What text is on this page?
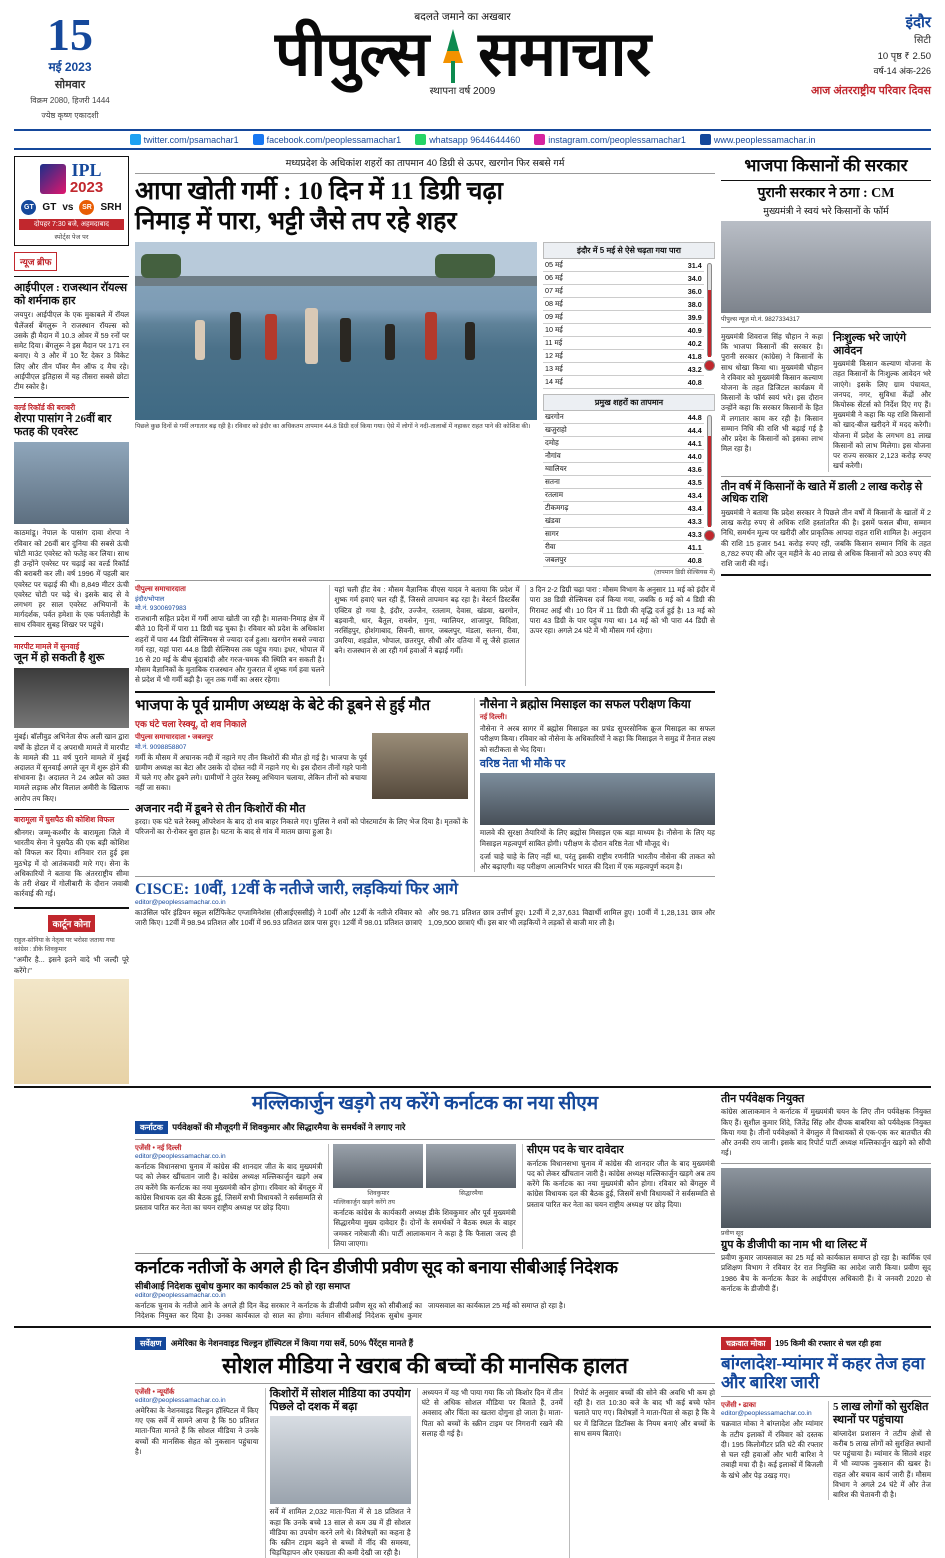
15
मई 2023
सोमवार
विक्रम 2080, हिजरी 1444
ज्येष्ठ कृष्ण एकादशी
बदलते जमाने का अखबार
पीपुल्स समाचार
स्थापना वर्ष 2009
इंदौर
सिटी
10 पृष्ठ ₹ 2.50
वर्ष-14 अंक-226
आज अंतरराष्ट्रीय परिवार दिवस
twitter.com/psamachar1	facebook.com/peoplessamachar1	whatsapp 9644644460	instagram.com/peoplessamachar1	www.peoplessamachar.in
IPL
2023
GT GT vs	SR SRH
दोपहर 7:30 बजे, अहमदाबाद
स्पोर्ट्स पेज पर
न्यूज ब्रीफ
आईपीएल : राजस्थान रॉयल्स को शर्मनाक हार
जयपुर। आईपीएल के एक मुकाबले में रॉयल चैलेंजर्स बेंगलुरू ने राजस्थान रॉयल्स को उसके ही मैदान में 10.3 ओवर में 59 रनों पर समेट दिया। बेंगलुरू ने इस मैदान पर 171 रन बनाए। ये 3 और में 10 रैंट देकर 3 विकेट लिए और तीन पॉवर मैन ऑफ द मैच रहे। आईपीएल इतिहास में यह तीसरा सबसे छोटा टीम स्कोर है।
वर्ल्ड रिकॉर्ड की बराबरी
शेरपा पासांग ने 26वीं बार फतह की एवरेस्ट
काठमांडू। नेपाल के पासांग दावा शेरपा ने रविवार को 26वीं बार दुनिया की सबसे ऊंची चोटी माउंट एवरेस्ट को फतेह कर लिया। साथ ही उन्होंने एवरेस्ट पर चढ़ाई का वर्ल्ड रिकॉर्ड की बराबरी कर ली। वर्ष 1996 में पहली बार एवरेस्ट पर चढ़ाई की थी। 8,849 मीटर ऊंची एवरेस्ट चोटी पर चढ़े थे। इसके बाद से वे लगभग हर साल एवरेस्ट अभियानों के मार्गदर्शक, पर्वत हमेशा के एक पर्वतारोही के साथ रविवार सुबह शिखर पर पहुंचे।
मारपीट मामले में सुनवाई
जून में हो सकती है शुरू
मुंबई। बॉलीवुड अभिनेता सैफ अली खान द्वारा वर्षों के होटल में द अपराधी मामले में मारपीट के मामले की 11 वर्ष पुराने मामले में मुंबई अदालत में सुनवाई अगले जून में शुरू होने की संभावना है। अदालत ने 24 अप्रैल को उक्त मामले लड़ाक और विलाल अमीरी के खिलाफ आरोप तय किए।
बारामूला में घुसपैठ की कोशिश विफल
श्रीनगर। जम्मू-कश्मीर के बारामूला जिले में भारतीय सेना ने घुसपैठ की एक बड़ी कोशिश को विफल कर दिया। शनिवार रात हुई इस मुठभेड़ में दो आतंकवादी मारे गए। सेना के अधिकारियों ने बताया कि अंतरराष्ट्रीय सीमा के तरी शेखर में गोलीबारी के दौरान जवाबी कार्रवाई की गई।
कार्टून कोना
राहुल-सोनिया के नेतृत्व पर भरोसा जताया गया कांग्रेस : डीके शिवकुमार
"अमीर है... इसने इतने वादे भी जल्दी पूरे करेंगे।"
मध्यप्रदेश के अधिकांश शहरों का तापमान 40 डिग्री से ऊपर, खरगोन फिर सबसे गर्म
आपा खोती गर्मी : 10 दिन में 11 डिग्री चढ़ा
निमाड़ में पारा, भट्टी जैसे तप रहे शहर
पिछले कुछ दिनों से गर्मी लगातार बढ़ रही है। रविवार को इंदौर का अधिकतम तापमान 44.8 डिग्री दर्ज किया गया। ऐसे में लोगों ने नदी-तालाबों में नहाकर राहत पाने की कोशिश की।
इंदौर में 5 मई से ऐसे चढ़ता गया पारा
05 मई	31.4
06 मई	34.0
07 मई	36.0
08 मई	38.0
09 मई	39.9
10 मई	40.9
11 मई	40.2
12 मई	41.8
13 मई	43.2
14 मई	40.8
प्रमुख शहरों का तापमान
खरगोन	44.8
खजुराहो	44.4
दमोह	44.1
नौगांव	44.0
ग्वालियर	43.6
सतना	43.5
रतलाम	43.4
टीकमगढ़	43.4
खंडवा	43.3
सागर	43.3
रीवा	41.1
जबलपुर	40.8
(तापमान डिग्री सेल्सियस में)
पीपुल्स समाचारदाता
इंदौर/भोपाल
मो.नं. 9300697983
राजधानी सहित प्रदेश में गर्मी आपा खोती जा रही है। मालवा-निमाड़ क्षेत्र में बीते 10 दिनों में पारा 11 डिग्री चढ़ चुका है। रविवार को प्रदेश के अधिकांश शहरों में पारा 44 डिग्री सेल्सियस से ज्यादा दर्ज हुआ। खरगोन सबसे ज्यादा गर्म रहा, यहां पारा 44.8 डिग्री सेल्सियस तक पहुंच गया। इधर, भोपाल में 16 से 20 मई के बीच बूंदाबांदी और गरज-चमक की स्थिति बन सकती है। मौसम वैज्ञानिकों के मुताबिक राजस्थान और गुजरात में शुष्क गर्म हवा चलने से प्रदेश में भी गर्मी बढ़ी है। जून तक गर्मी का असर रहेगा।
यहां चली हीट वेव : मौसम वैज्ञानिक वीएस यादव ने बताया कि प्रदेश में शुष्क गर्म हवाएं चल रही हैं, जिससे तापमान बढ़ रहा है। वेस्टर्न डिस्टर्बेंस एक्टिव हो गया है, इंदौर, उज्जैन, रतलाम, देवास, खंडवा, खरगोन, बड़वानी, धार, बैतूल, रायसेन, गुना, ग्वालियर, शाजापुर, विदिशा, नरसिंहपुर, होशंगाबाद, सिवनी, सागर, जबलपुर, मंडला, सतना, रीवा, उमरिया, शहडोल, भोपाल, छतरपुर, सीधी और दतिया में लू जैसे हालात बने। राजस्थान से आ रही गर्म हवाओं ने बढ़ाई गर्मी।
3 दिन 2-2 डिग्री चढ़ा पारा : मौसम विभाग के अनुसार 11 मई को इंदौर में पारा 38 डिग्री सेल्सियस दर्ज किया गया, जबकि 6 मई को 4 डिग्री की गिरावट आई थी। 10 दिन में 11 डिग्री की वृद्धि दर्ज हुई है। 13 मई को पारा 43 डिग्री के पार पहुंच गया था। 14 मई को भी पारा 44 डिग्री से ऊपर रहा। अगले 24 घंटे में भी मौसम गर्म रहेगा।
भाजपा के पूर्व ग्रामीण अध्यक्ष के बेटे की डूबने से हुई मौत
एक घंटे चला रेस्क्यू, दो शव निकाले
पीपुल्स समाचारदाता • जबलपुर
मो.नं. 9098858807
गर्मी के मौसम में अचानक नदी में नहाने गए तीन किशोरों की मौत हो गई है। भाजपा के पूर्व ग्रामीण अध्यक्ष का बेटा और उसके दो दोस्त नदी में नहाने गए थे। इस दौरान तीनों गहरे पानी में चले गए और डूबने लगे। ग्रामीणों ने तुरंत रेस्क्यू अभियान चलाया, लेकिन तीनों को बचाया नहीं जा सका।
अजनार नदी में डूबने से तीन किशोरों की मौत
हरदा। एक घंटे चले रेस्क्यू ऑपरेशन के बाद दो शव बाहर निकाले गए। पुलिस ने शवों को पोस्टमार्टम के लिए भेज दिया है। मृतकों के परिजनों का रो-रोकर बुरा हाल है। घटना के बाद से गांव में मातम छाया हुआ है।
नौसेना ने ब्रह्मोस मिसाइल का सफल परीक्षण किया
नई दिल्ली।
नौसेना ने अरब सागर में ब्रह्मोस मिसाइल का प्रचंड सुपरसोनिक क्रूज मिसाइल का सफल परीक्षण किया। रविवार को नौसेना के अधिकारियों ने कहा कि मिसाइल ने समुद्र में तैनात लक्ष्य को सटीकता से भेद दिया।
वरिष्ठ नेता भी मौके पर
मालवे की सुरक्षा तैयारियों के लिए ब्रह्मोस मिसाइल एक बड़ा माध्यम है। नौसेना के लिए यह मिसाइल महत्वपूर्ण साबित होगी। परीक्षण के दौरान वरिष्ठ नेता भी मौजूद थे।
दर्जा चाहे चाहे के लिए नहीं था, परंतु इसकी राष्ट्रीय रणनीति भारतीय नौसेना की ताकत को और बढ़ाएगी। यह परीक्षण आत्मनिर्भर भारत की दिशा में एक महत्वपूर्ण कदम है।
CISCE: 10वीं, 12वीं के नतीजे जारी, लड़कियां फिर आगे
editor@peoplessamachar.co.in
काउंसिल फॉर इंडियन स्कूल सर्टिफिकेट एग्जामिनेशंस (सीआईएससीई) ने 10वीं और 12वीं के नतीजे रविवार को जारी किए। 12वीं में 98.94 प्रतिशत और 10वीं में 96.93 प्रतिशत छात्र पास हुए। 12वीं में 98.01 प्रतिशत छात्राएं और 98.71 प्रतिशत छात्र उत्तीर्ण हुए। 12वीं में 2,37,631 विद्यार्थी शामिल हुए। 10वीं में 1,28,131 छात्र और 1,09,500 छात्राएं थीं। इस बार भी लड़कियों ने लड़कों से बाजी मार ली है।
भाजपा किसानों की सरकार
पुरानी सरकार ने ठगा : CM
मुख्यमंत्री ने स्वयं भरे किसानों के फॉर्म
पीपुल्स न्यूज़ मो.नं. 9827334317
मुख्यमंत्री शिवराज सिंह चौहान ने कहा कि भाजपा किसानों की सरकार है। पुरानी सरकार (कांग्रेस) ने किसानों के साथ धोखा किया था। मुख्यमंत्री चौहान ने रविवार को मुख्यमंत्री किसान कल्याण योजना के तहत डिजिटल कार्यक्रम में किसानों के फॉर्म स्वयं भरे। इस दौरान उन्होंने कहा कि सरकार किसानों के हित में लगातार काम कर रही है। किसान सम्मान निधि की राशि भी बढ़ाई गई है और प्रदेश के किसानों को इसका लाभ मिल रहा है।
निःशुल्क भरे जाएंगे आवेदन
मुख्यमंत्री किसान कल्याण योजना के तहत किसानों के निःशुल्क आवेदन भरे जाएंगे। इसके लिए ग्राम पंचायत, जनपद, नगर, सुविधा केंद्रों और कियोस्क सेंटर्स को निर्देश दिए गए हैं। मुख्यमंत्री ने कहा कि यह राशि किसानों को खाद-बीज खरीदने में मदद करेगी। योजना में प्रदेश के लगभग 81 लाख किसानों को लाभ मिलेगा। इस योजना पर राज्य सरकार 2,123 करोड़ रुपए खर्च करेगी।
तीन वर्ष में किसानों के खाते में डाली 2 लाख करोड़ से अधिक राशि
मुख्यमंत्री ने बताया कि प्रदेश सरकार ने पिछले तीन वर्षों में किसानों के खातों में 2 लाख करोड़ रुपए से अधिक राशि हस्तांतरित की है। इसमें फसल बीमा, सम्मान निधि, समर्थन मूल्य पर खरीदी और प्राकृतिक आपदा राहत राशि शामिल है। अनुदान की राशि 15 हजार 541 करोड़ रुपए रही, जबकि किसान सम्मान निधि के तहत 8,782 रुपए की और जून महीने के 40 लाख से अधिक किसानों को 303 रुपए की राशि जारी की गई।
मल्लिकार्जुन खड़गे तय करेंगे कर्नाटक का नया सीएम
कर्नाटक पर्यवेक्षकों की मौजूदगी में शिवकुमार और सिद्धारमैया के समर्थकों ने लगाए नारे
एजेंसी • नई दिल्ली
editor@peoplessamachar.co.in
कर्नाटक विधानसभा चुनाव में कांग्रेस की शानदार जीत के बाद मुख्यमंत्री पद को लेकर खींचतान जारी है। कांग्रेस अध्यक्ष मल्लिकार्जुन खड़गे अब तय करेंगे कि कर्नाटक का नया मुख्यमंत्री कौन होगा। रविवार को बेंगलुरु में कांग्रेस विधायक दल की बैठक हुई, जिसमें सभी विधायकों ने सर्वसम्मति से प्रस्ताव पारित कर नेता का चयन राष्ट्रीय अध्यक्ष पर छोड़ दिया।
शिवकुमार	सिद्धारमैया
मल्लिकार्जुन खड़गे करेंगे तय
कर्नाटक कांग्रेस के कार्यकारी अध्यक्ष डीके शिवकुमार और पूर्व मुख्यमंत्री सिद्धारमैया मुख्य दावेदार हैं। दोनों के समर्थकों ने बैठक स्थल के बाहर जमकर नारेबाजी की। पार्टी आलाकमान ने कहा है कि फैसला जल्द ही लिया जाएगा।
सीएम पद के चार दावेदार
कर्नाटक विधानसभा चुनाव में कांग्रेस की शानदार जीत के बाद मुख्यमंत्री पद को लेकर खींचतान जारी है। कांग्रेस अध्यक्ष मल्लिकार्जुन खड़गे अब तय करेंगे कि कर्नाटक का नया मुख्यमंत्री कौन होगा। रविवार को बेंगलुरु में कांग्रेस विधायक दल की बैठक हुई, जिसमें सभी विधायकों ने सर्वसम्मति से प्रस्ताव पारित कर नेता का चयन राष्ट्रीय अध्यक्ष पर छोड़ दिया।
कर्नाटक नतीजों के अगले ही दिन डीजीपी प्रवीण सूद को बनाया सीबीआई निदेशक
सीबीआई निदेशक सुबोध कुमार का कार्यकाल 25 को हो रहा समाप्त
editor@peoplessamachar.co.in
कर्नाटक चुनाव के नतीजे आने के अगले ही दिन केंद्र सरकार ने कर्नाटक के डीजीपी प्रवीण सूद को सीबीआई का निदेशक नियुक्त कर दिया है। उनका कार्यकाल दो साल का होगा। वर्तमान सीबीआई निदेशक सुबोध कुमार जायसवाल का कार्यकाल 25 मई को समाप्त हो रहा है।
तीन पर्यवेक्षक नियुक्त
कांग्रेस आलाकमान ने कर्नाटक में मुख्यमंत्री चयन के लिए तीन पर्यवेक्षक नियुक्त किए हैं। सुशील कुमार शिंदे, जितेंद्र सिंह और दीपक बाबरिया को पर्यवेक्षक नियुक्त किया गया है। तीनों पर्यवेक्षकों ने बेंगलुरु में विधायकों से एक-एक कर बातचीत की और उनकी राय जानी। इसके बाद रिपोर्ट पार्टी अध्यक्ष मल्लिकार्जुन खड़गे को सौंपी गई।
प्रवीण सूद
ग्रुप के डीजीपी का नाम भी था लिस्ट में
प्रवीण कुमार जायसवाल का 25 मई को कार्यकाल समाप्त हो रहा है। कार्मिक एवं प्रशिक्षण विभाग ने रविवार देर रात नियुक्ति का आदेश जारी किया। प्रवीण सूद 1986 बैच के कर्नाटक कैडर के आईपीएस अधिकारी हैं। वे जनवरी 2020 से कर्नाटक के डीजीपी हैं।
सर्वेक्षण अमेरिका के नेशनवाइड चिल्ड्रन हॉस्पिटल में किया गया सर्वे, 50% पैरेंट्स मानते हैं
सोशल मीडिया ने खराब की बच्चों की मानसिक हालत
एजेंसी • न्यूयॉर्क
editor@peoplessamachar.co.in
अमेरिका के नेशनवाइड चिल्ड्रन हॉस्पिटल में किए गए एक सर्वे में सामने आया है कि 50 प्रतिशत माता-पिता मानते हैं कि सोशल मीडिया ने उनके बच्चों की मानसिक सेहत को नुकसान पहुंचाया है।
किशोरों में सोशल मीडिया का उपयोग पिछले दो दशक में बढ़ा
सर्वे में शामिल 2,032 माता-पिता में से 18 प्रतिशत ने कहा कि उनके बच्चे 13 साल से कम उम्र में ही सोशल मीडिया का उपयोग करने लगे थे। विशेषज्ञों का कहना है कि स्क्रीन टाइम बढ़ने से बच्चों में नींद की समस्या, चिड़चिड़ापन और एकाग्रता की कमी देखी जा रही है।
अध्ययन में यह भी पाया गया कि जो किशोर दिन में तीन घंटे से अधिक सोशल मीडिया पर बिताते हैं, उनमें अवसाद और चिंता का खतरा दोगुना हो जाता है। माता-पिता को बच्चों के स्क्रीन टाइम पर निगरानी रखने की सलाह दी गई है।
रिपोर्ट के अनुसार बच्चों की सोने की अवधि भी कम हो रही है। रात 10:30 बजे के बाद भी कई बच्चे फोन चलाते पाए गए। विशेषज्ञों ने माता-पिता से कहा है कि वे घर में डिजिटल डिटॉक्स के नियम बनाएं और बच्चों के साथ समय बिताएं।
चक्रवात मोका 195 किमी की रफ्तार से चल रही हवा
बांग्लादेश-म्यांमार में कहर तेज हवा और बारिश जारी
एजेंसी • ढाका
editor@peoplessamachar.co.in
चक्रवात मोका ने बांग्लादेश और म्यांमार के तटीय इलाकों में रविवार को दस्तक दी। 195 किलोमीटर प्रति घंटे की रफ्तार से चल रही हवाओं और भारी बारिश ने तबाही मचा दी है। कई इलाकों में बिजली के खंभे और पेड़ उखड़ गए।
5 लाख लोगों को सुरक्षित स्थानों पर पहुंचाया
बांग्लादेश प्रशासन ने तटीय क्षेत्रों से करीब 5 लाख लोगों को सुरक्षित स्थानों पर पहुंचाया है। म्यांमार के सितवे शहर में भी व्यापक नुकसान की खबर है। राहत और बचाव कार्य जारी हैं। मौसम विभाग ने अगले 24 घंटे में और तेज बारिश की चेतावनी दी है।
